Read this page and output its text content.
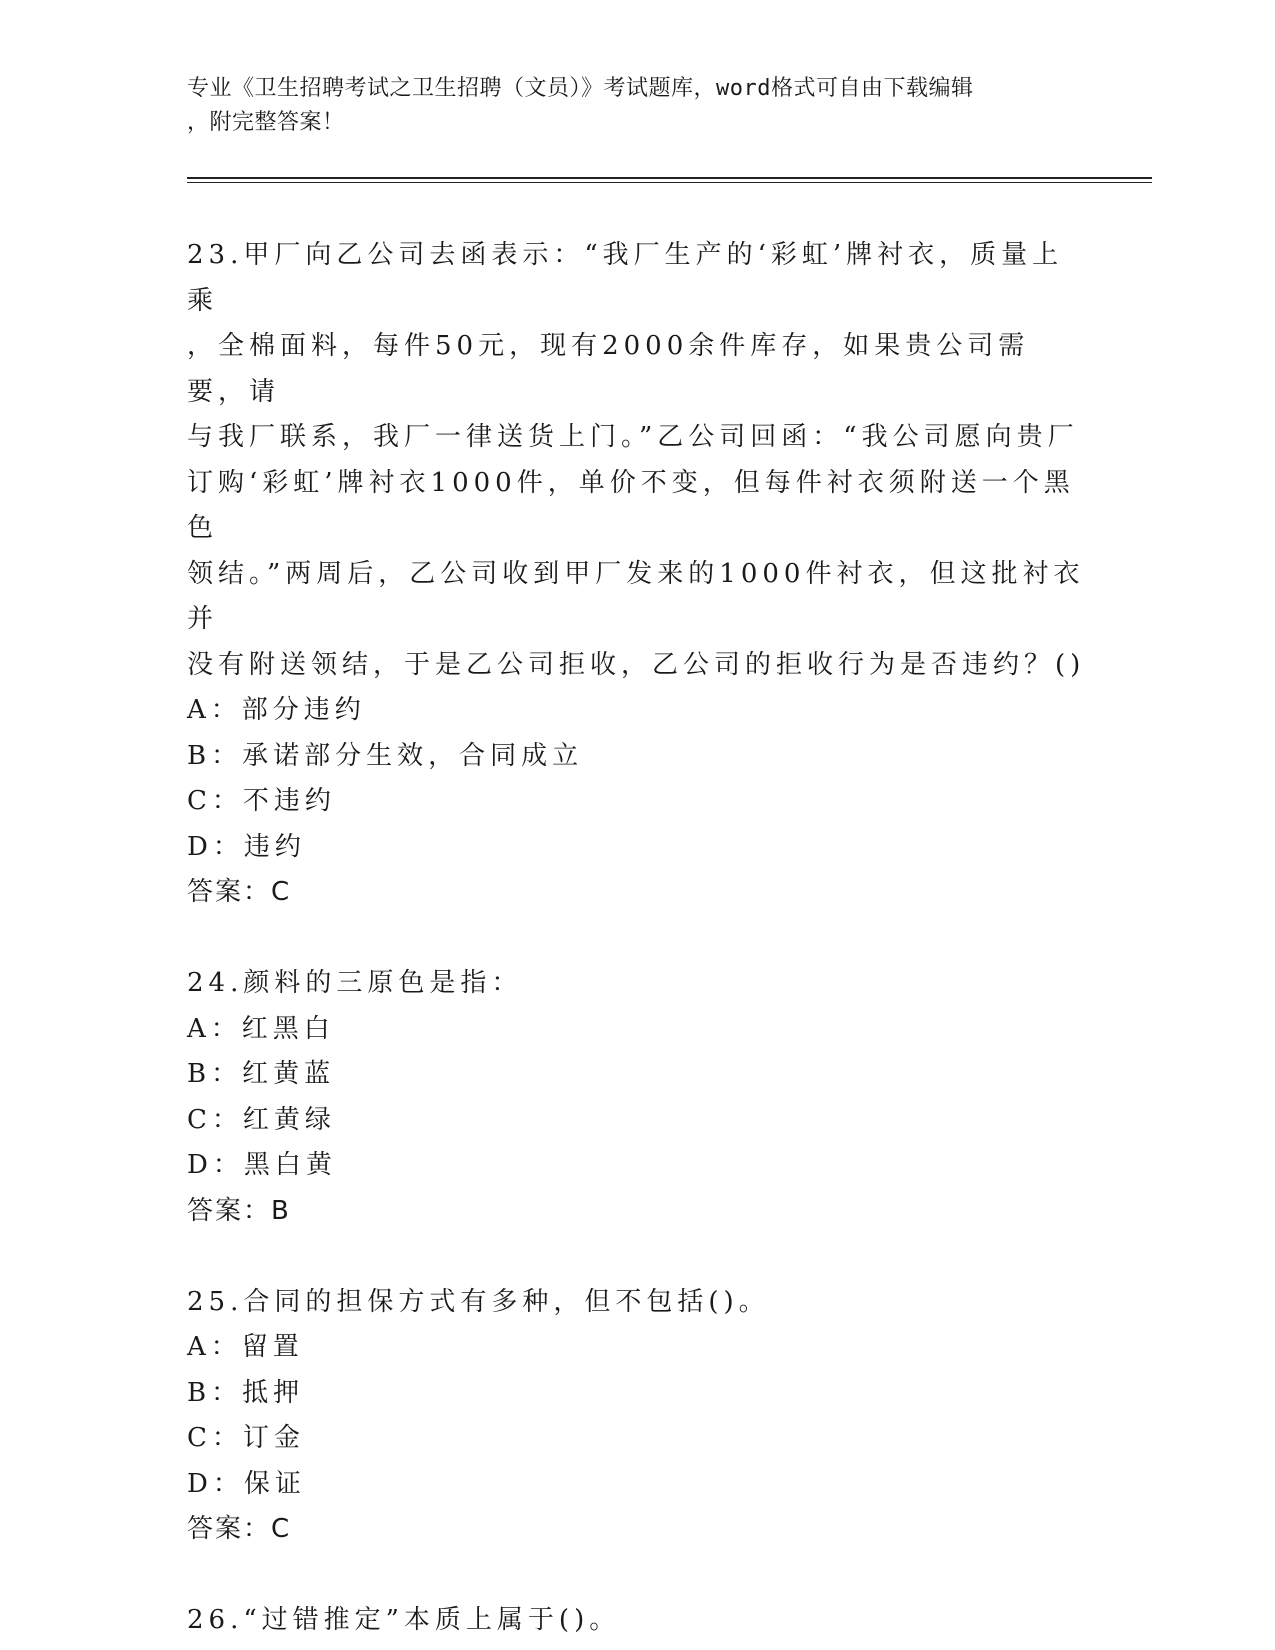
专业《卫生招聘考试之卫生招聘（文员）》考试题库，word格式可自由下载编辑
，附完整答案！

23.甲厂向乙公司去函表示：“我厂生产的‘彩虹’牌衬衣，质量上乘

，全棉面料，每件50元，现有2000余件库存，如果贵公司需要，请

与我厂联系，我厂一律送货上门。”乙公司回函：“我公司愿向贵厂

订购‘彩虹’牌衬衣1000件，单价不变，但每件衬衣须附送一个黑色

领结。”两周后，乙公司收到甲厂发来的1000件衬衣，但这批衬衣并

没有附送领结，于是乙公司拒收，乙公司的拒收行为是否违约？()

A：部分违约

B：承诺部分生效，合同成立

C：不违约

D：违约

答案：C

24.颜料的三原色是指：

A：红黑白

B：红黄蓝

C：红黄绿

D：黑白黄

答案：B

25.合同的担保方式有多种，但不包括()。

A：留置

B：抵押

C：订金

D：保证

答案：C

26.“过错推定”本质上属于()。
